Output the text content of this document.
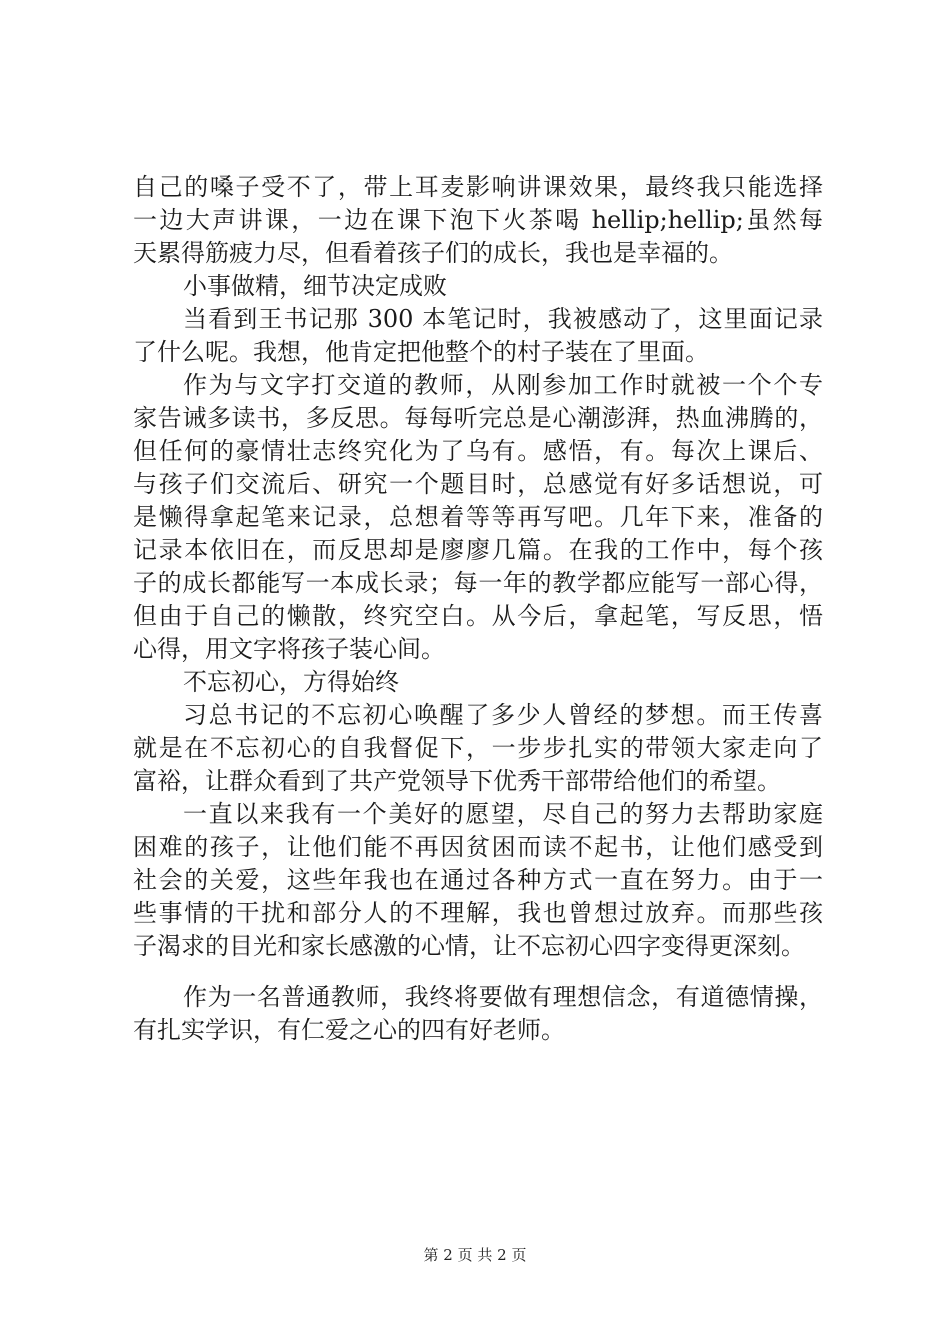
自己的嗓子受不了，带上耳麦影响讲课效果，最终我只能选择
一边大声讲课，一边在课下泡下火茶喝 hellip;hellip;虽然每
天累得筋疲力尽，但看着孩子们的成长，我也是幸福的。
小事做精，细节决定成败
当看到王书记那 300 本笔记时，我被感动了，这里面记录
了什么呢。我想，他肯定把他整个的村子装在了里面。
作为与文字打交道的教师，从刚参加工作时就被一个个专
家告诫多读书，多反思。每每听完总是心潮澎湃，热血沸腾的，
但任何的豪情壮志终究化为了乌有。感悟，有。每次上课后、
与孩子们交流后、研究一个题目时，总感觉有好多话想说，可
是懒得拿起笔来记录，总想着等等再写吧。几年下来，准备的
记录本依旧在，而反思却是廖廖几篇。在我的工作中，每个孩
子的成长都能写一本成长录；每一年的教学都应能写一部心得，
但由于自己的懒散，终究空白。从今后，拿起笔，写反思，悟
心得，用文字将孩子装心间。
不忘初心，方得始终
习总书记的不忘初心唤醒了多少人曾经的梦想。而王传喜
就是在不忘初心的自我督促下，一步步扎实的带领大家走向了
富裕，让群众看到了共产党领导下优秀干部带给他们的希望。
一直以来我有一个美好的愿望，尽自己的努力去帮助家庭
困难的孩子，让他们能不再因贫困而读不起书，让他们感受到
社会的关爱，这些年我也在通过各种方式一直在努力。由于一
些事情的干扰和部分人的不理解，我也曾想过放弃。而那些孩
子渴求的目光和家长感激的心情，让不忘初心四字变得更深刻。
作为一名普通教师，我终将要做有理想信念，有道德情操，
有扎实学识，有仁爱之心的四有好老师。
第 2 页 共 2 页
